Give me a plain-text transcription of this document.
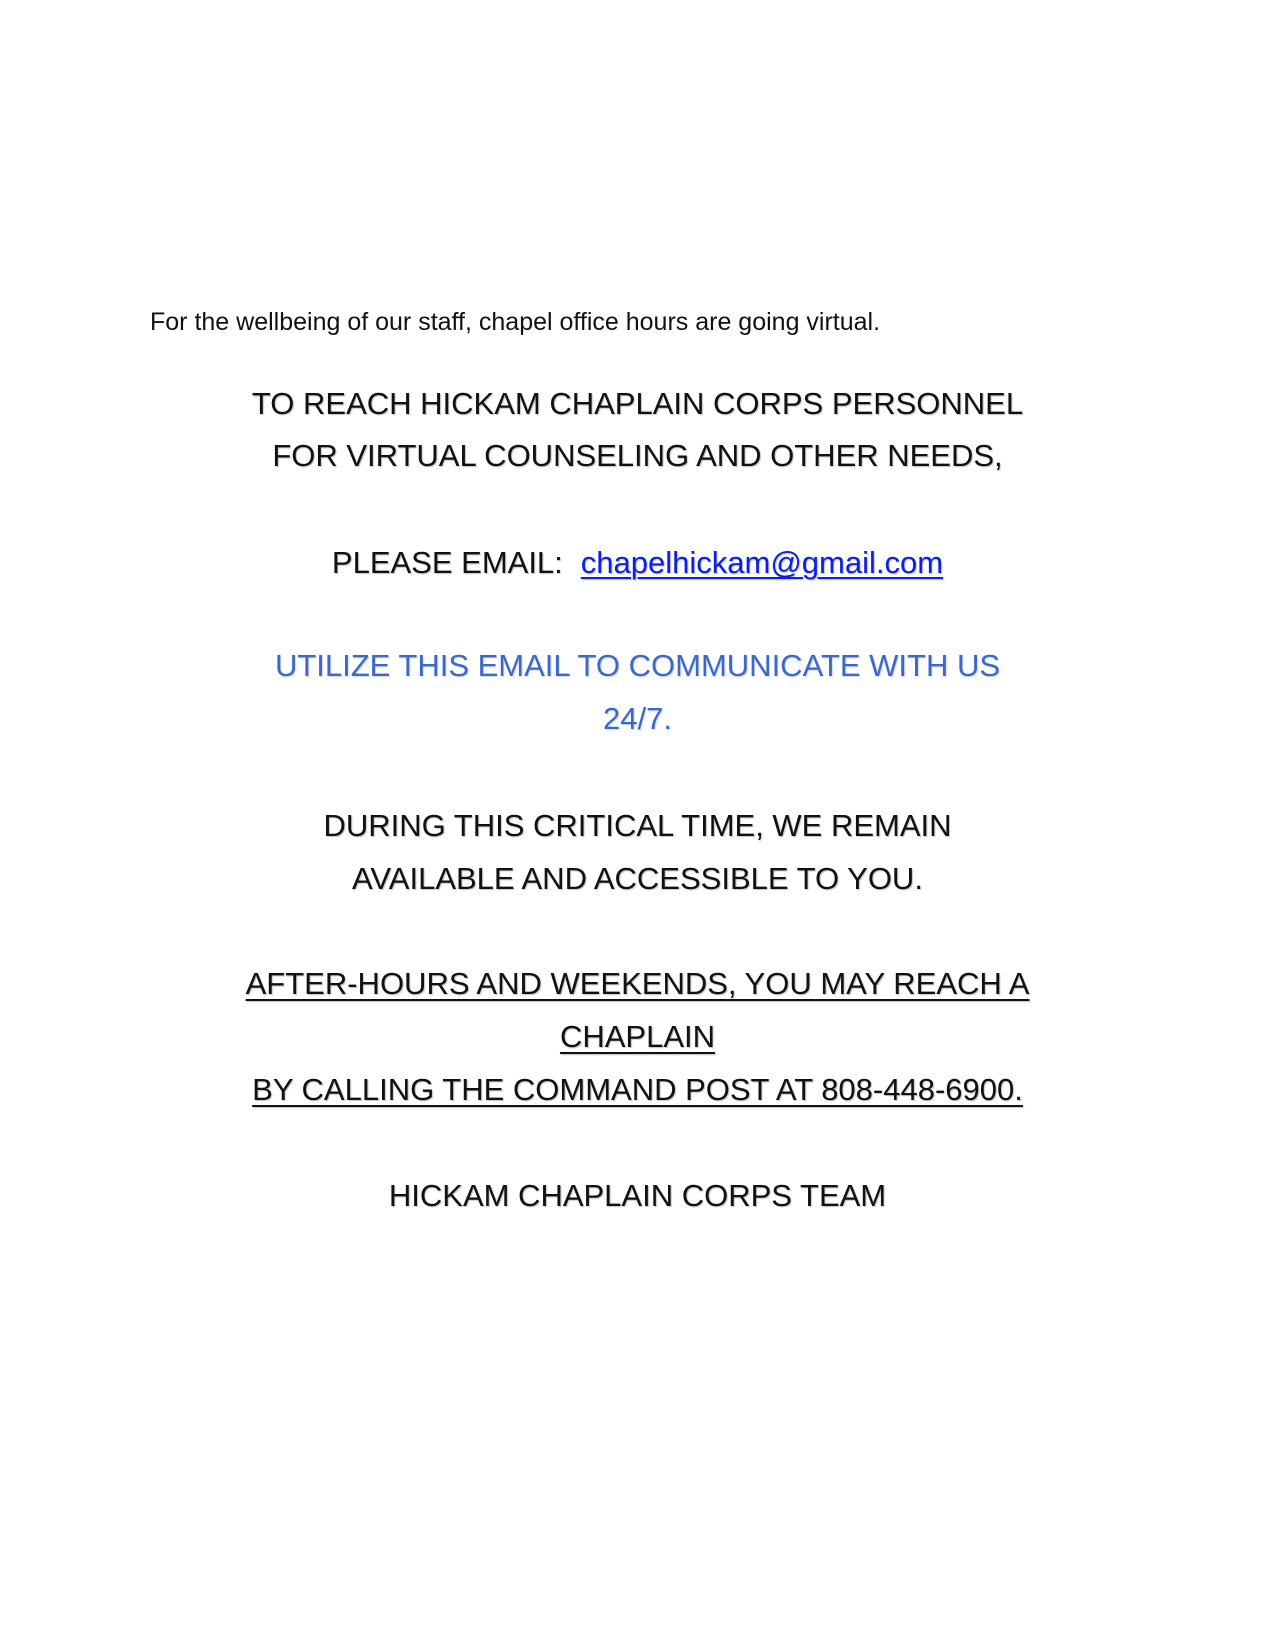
For the wellbeing of our staff, chapel office hours are going virtual.
TO REACH HICKAM CHAPLAIN CORPS PERSONNEL
FOR VIRTUAL COUNSELING AND OTHER NEEDS,
PLEASE EMAIL: chapelhickam@gmail.com
UTILIZE THIS EMAIL TO COMMUNICATE WITH US
24/7.
DURING THIS CRITICAL TIME, WE REMAIN
AVAILABLE AND ACCESSIBLE TO YOU.
AFTER-HOURS AND WEEKENDS, YOU MAY REACH A
CHAPLAIN
BY CALLING THE COMMAND POST AT 808-448-6900.
HICKAM CHAPLAIN CORPS TEAM
